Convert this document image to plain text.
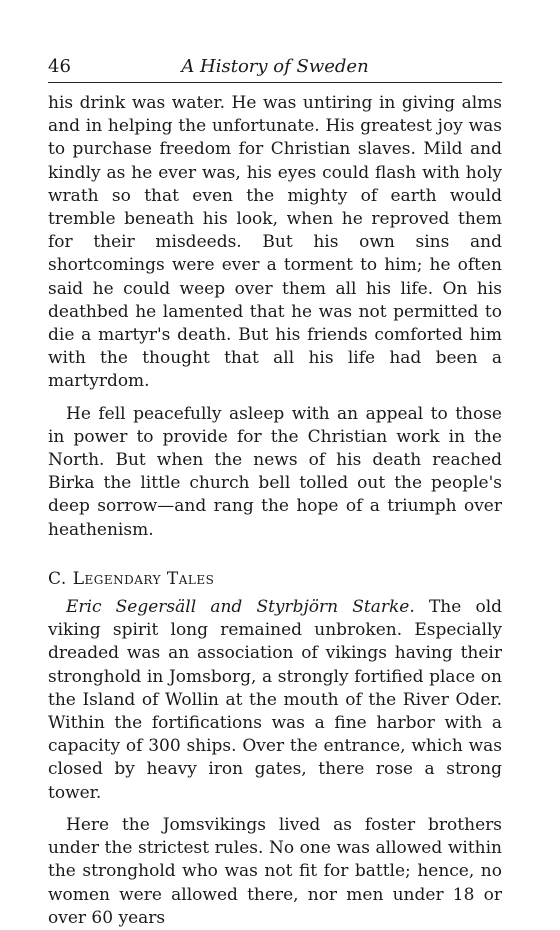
46	A History of Sweden

his drink was water. He was untiring in giving alms and in helping the unfortunate. His greatest joy was to purchase freedom for Christian slaves. Mild and kindly as he ever was, his eyes could flash with holy wrath so that even the mighty of earth would tremble beneath his look, when he reproved them for their misdeeds. But his own sins and shortcomings were ever a torment to him; he often said he could weep over them all his life. On his deathbed he lamented that he was not permitted to die a martyr's death. But his friends comforted him with the thought that all his life had been a martyrdom.

He fell peacefully asleep with an appeal to those in power to provide for the Christian work in the North. But when the news of his death reached Birka the little church bell tolled out the people's deep sorrow—and rang the hope of a triumph over heathenism.

C. Legendary Tales

Eric Segersäll and Styrbjörn Starke. The old viking spirit long remained unbroken. Especially dreaded was an association of vikings having their stronghold in Jomsborg, a strongly fortified place on the Island of Wollin at the mouth of the River Oder. Within the fortifications was a fine harbor with a capacity of 300 ships. Over the entrance, which was closed by heavy iron gates, there rose a strong tower.

Here the Jomsvikings lived as foster brothers under the strictest rules. No one was allowed within the stronghold who was not fit for battle; hence, no women were allowed there, nor men under 18 or over 60 years
